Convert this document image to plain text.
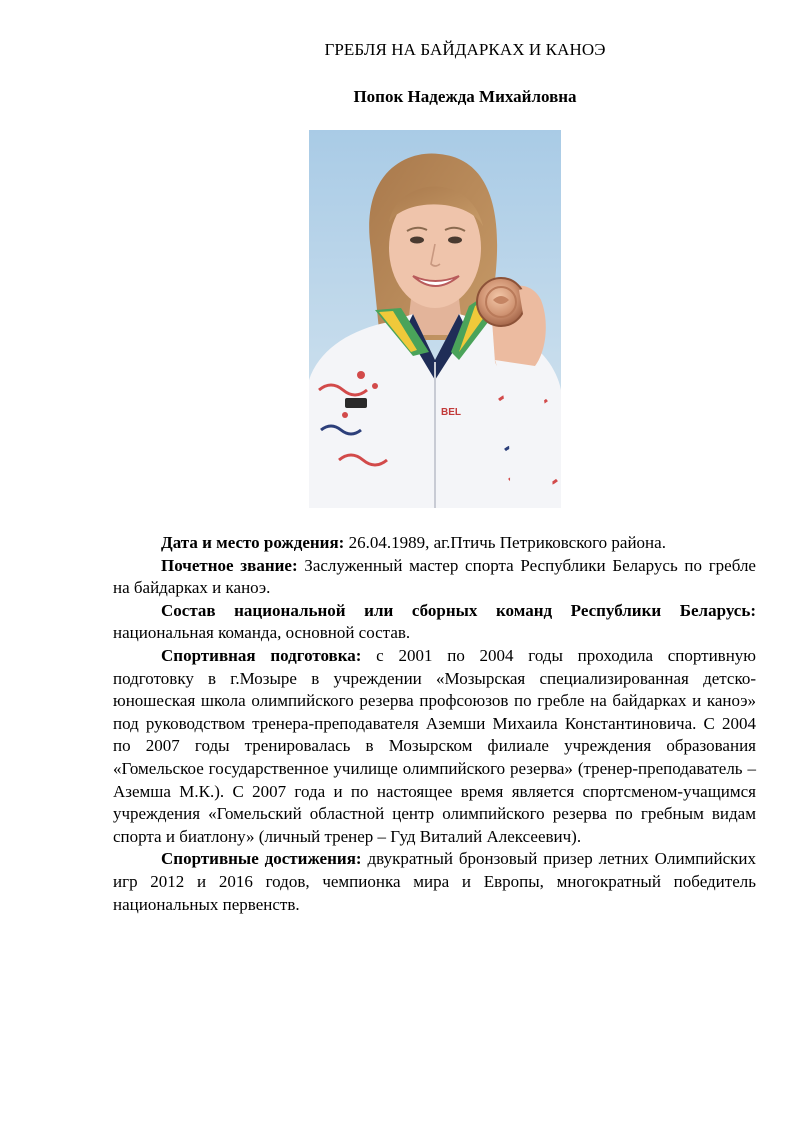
ГРЕБЛЯ НА БАЙДАРКАХ И КАНОЭ
Попок Надежда Михайловна
BEL

Дата и место рождения: 26.04.1989, аг.Птичь Петриковского района.

Почетное звание: Заслуженный мастер спорта Республики Беларусь по гребле на байдарках и каноэ.

Состав национальной или сборных команд Республики Беларусь: национальная команда, основной состав.

Спортивная подготовка: с 2001 по 2004 годы проходила спортивную подготовку в г.Мозыре в учреждении «Мозырская специализированная детско-юношеская школа олимпийского резерва профсоюзов по гребле на байдарках и каноэ» под руководством тренера-преподавателя Аземши Михаила Константиновича. С 2004 по 2007 годы тренировалась в Мозырском филиале учреждения образования «Гомельское государственное училище олимпийского резерва» (тренер-преподаватель – Аземша М.К.). С 2007 года и по настоящее время является спортсменом-учащимся учреждения «Гомельский областной центр олимпийского резерва по гребным видам спорта и биатлону» (личный тренер – Гуд Виталий Алексеевич).

Спортивные достижения: двукратный бронзовый призер летних Олимпийских игр 2012 и 2016 годов, чемпионка мира и Европы, многократный победитель национальных первенств.
